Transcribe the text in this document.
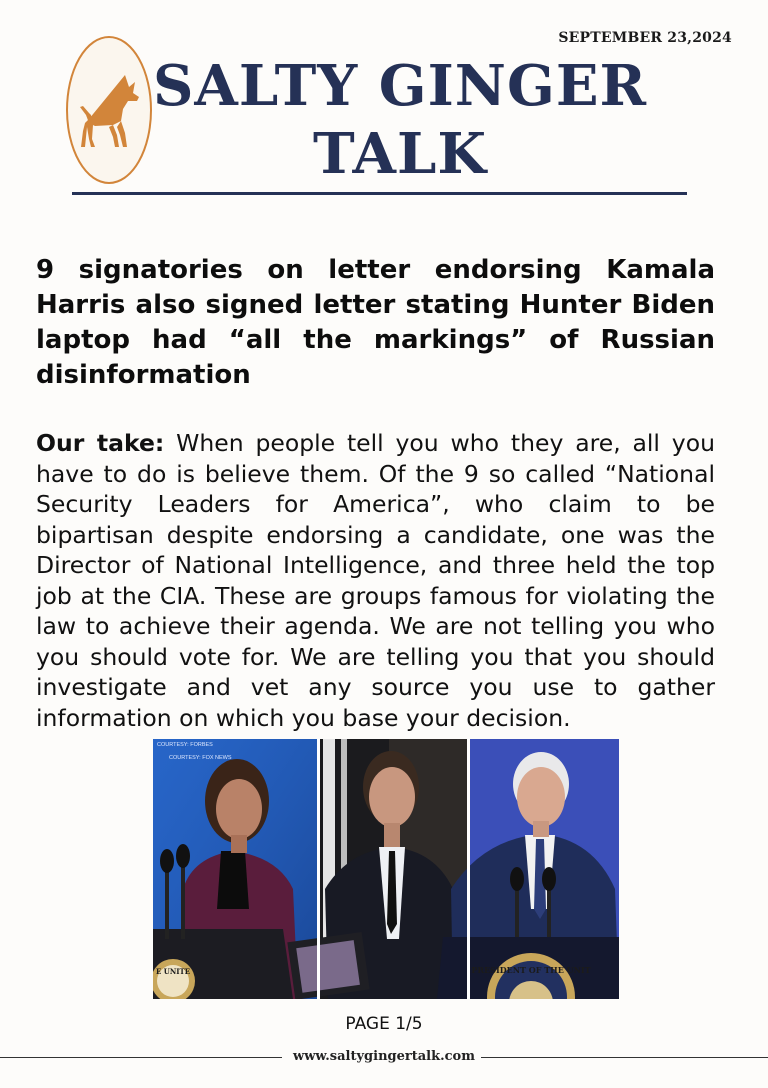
SEPTEMBER 23,2024
SALTY GINGER
TALK
9 signatories on letter endorsing Kamala Harris also signed letter stating Hunter Biden laptop had “all the markings” of Russian disinformation
Our take: When people tell you who they are, all you have to do is believe them. Of the 9 so called “National Security Leaders for America”, who claim to be bipartisan despite endorsing a candidate, one was the Director of National Intelligence, and three held the top job at the CIA. These are groups famous for violating the law to achieve their agenda. We are not telling you who you should vote for. We are telling you that you should investigate and vet any source you use to gather information on which you base your decision.
PRESIDENT OF THE UNIT
E UNITE
COURTESY: FORBES
COURTESY: FOX NEWS
PAGE 1/5
www.saltygingertalk.com
